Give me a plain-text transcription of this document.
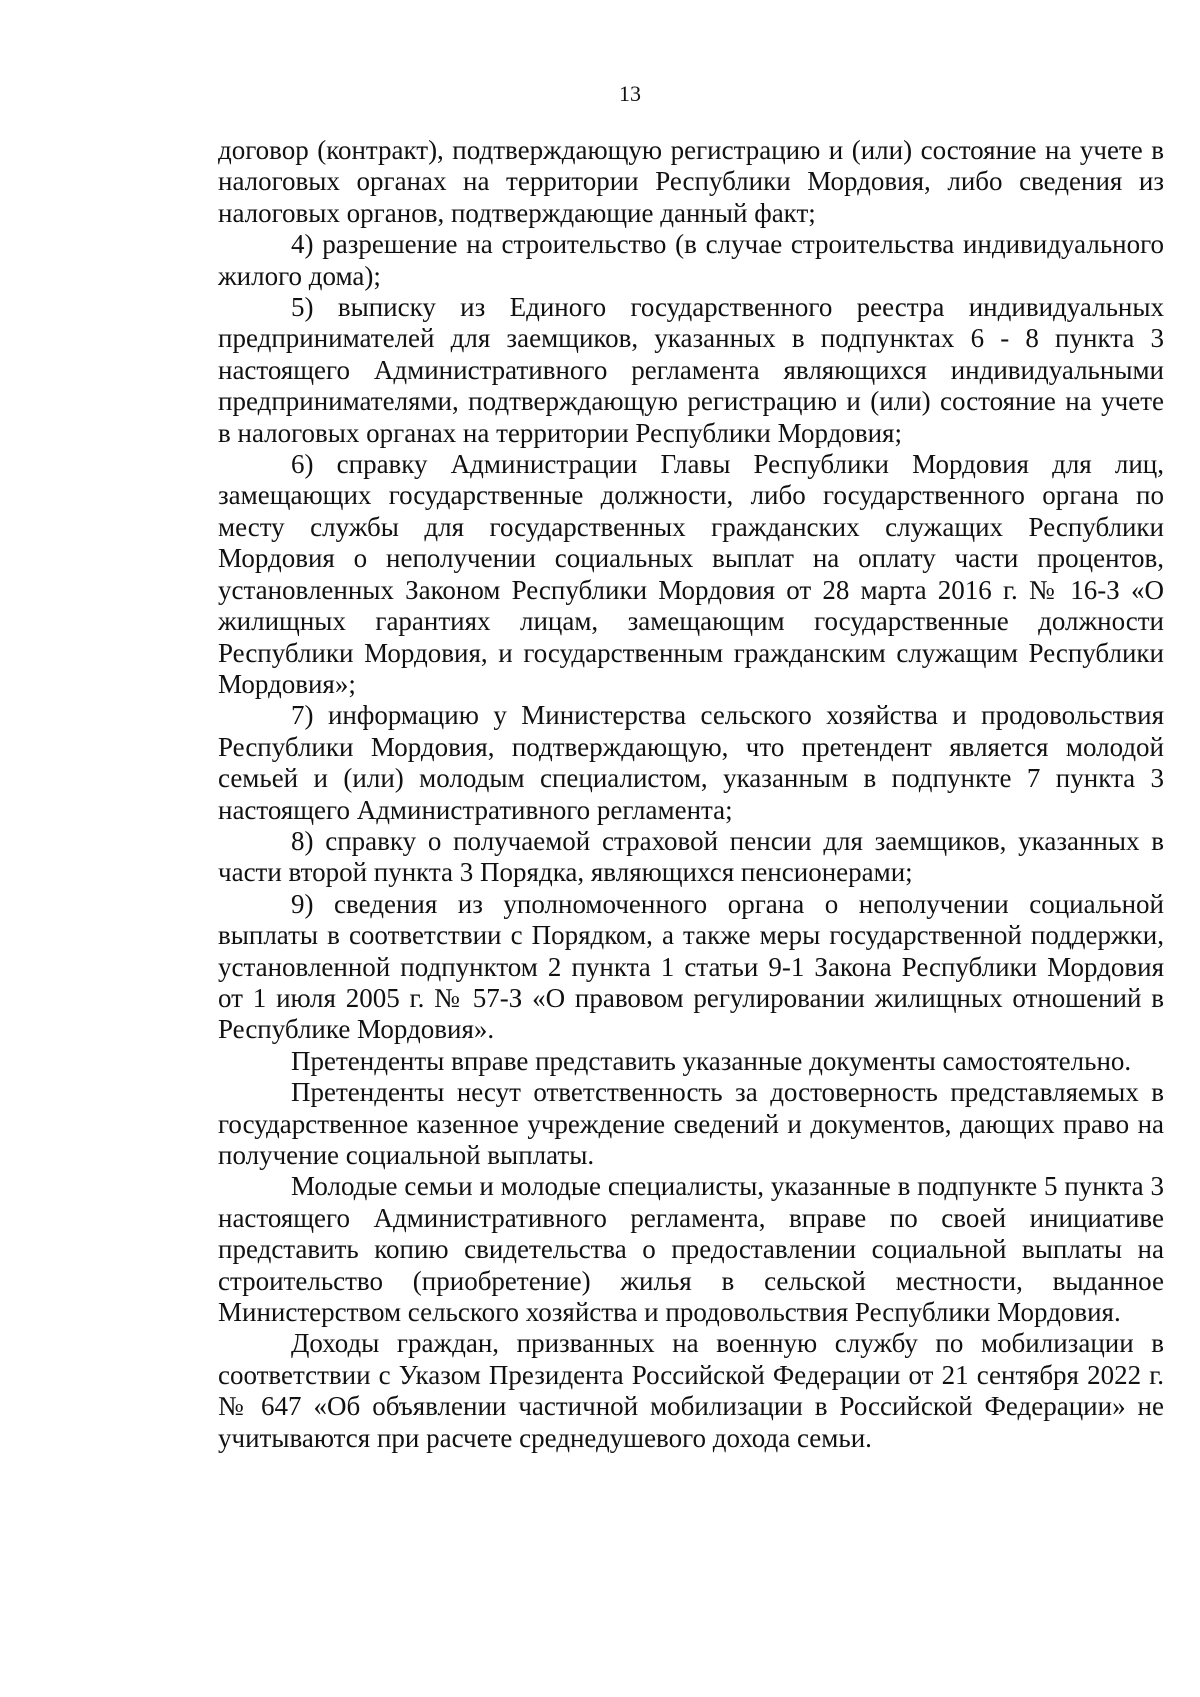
13

договор (контракт), подтверждающую регистрацию и (или) состояние на учете в налоговых органах на территории Республики Мордовия, либо сведения из налоговых органов, подтверждающие данный факт;

4) разрешение на строительство (в случае строительства индивидуального жилого дома);

5) выписку из Единого государственного реестра индивидуальных предпринимателей для заемщиков, указанных в подпунктах 6 - 8 пункта 3 настоящего Административного регламента являющихся индивидуальными предпринимателями, подтверждающую регистрацию и (или) состояние на учете в налоговых органах на территории Республики Мордовия;

6) справку Администрации Главы Республики Мордовия для лиц, замещающих государственные должности, либо государственного органа по месту службы для государственных гражданских служащих Республики Мордовия о неполучении социальных выплат на оплату части процентов, установленных Законом Республики Мордовия от 28 марта 2016 г. № 16-З «О жилищных гарантиях лицам, замещающим государственные должности Республики Мордовия, и государственным гражданским служащим Республики Мордовия»;

7) информацию у Министерства сельского хозяйства и продовольствия Республики Мордовия, подтверждающую, что претендент является молодой семьей и (или) молодым специалистом, указанным в подпункте 7 пункта 3 настоящего Административного регламента;

8) справку о получаемой страховой пенсии для заемщиков, указанных в части второй пункта 3 Порядка, являющихся пенсионерами;

9) сведения из уполномоченного органа о неполучении социальной выплаты в соответствии с Порядком, а также меры государственной поддержки, установленной подпунктом 2 пункта 1 статьи 9-1 Закона Республики Мордовия от 1 июля 2005 г. № 57-З «О правовом регулировании жилищных отношений в Республике Мордовия».

Претенденты вправе представить указанные документы самостоятельно.

Претенденты несут ответственность за достоверность представляемых в государственное казенное учреждение сведений и документов, дающих право на получение социальной выплаты.

Молодые семьи и молодые специалисты, указанные в подпункте 5 пункта 3 настоящего Административного регламента, вправе по своей инициативе представить копию свидетельства о предоставлении социальной выплаты на строительство (приобретение) жилья в сельской местности, выданное Министерством сельского хозяйства и продовольствия Республики Мордовия.

Доходы граждан, призванных на военную службу по мобилизации в соответствии с Указом Президента Российской Федерации от 21 сентября 2022 г. № 647 «Об объявлении частичной мобилизации в Российской Федерации» не учитываются при расчете среднедушевого дохода семьи.
